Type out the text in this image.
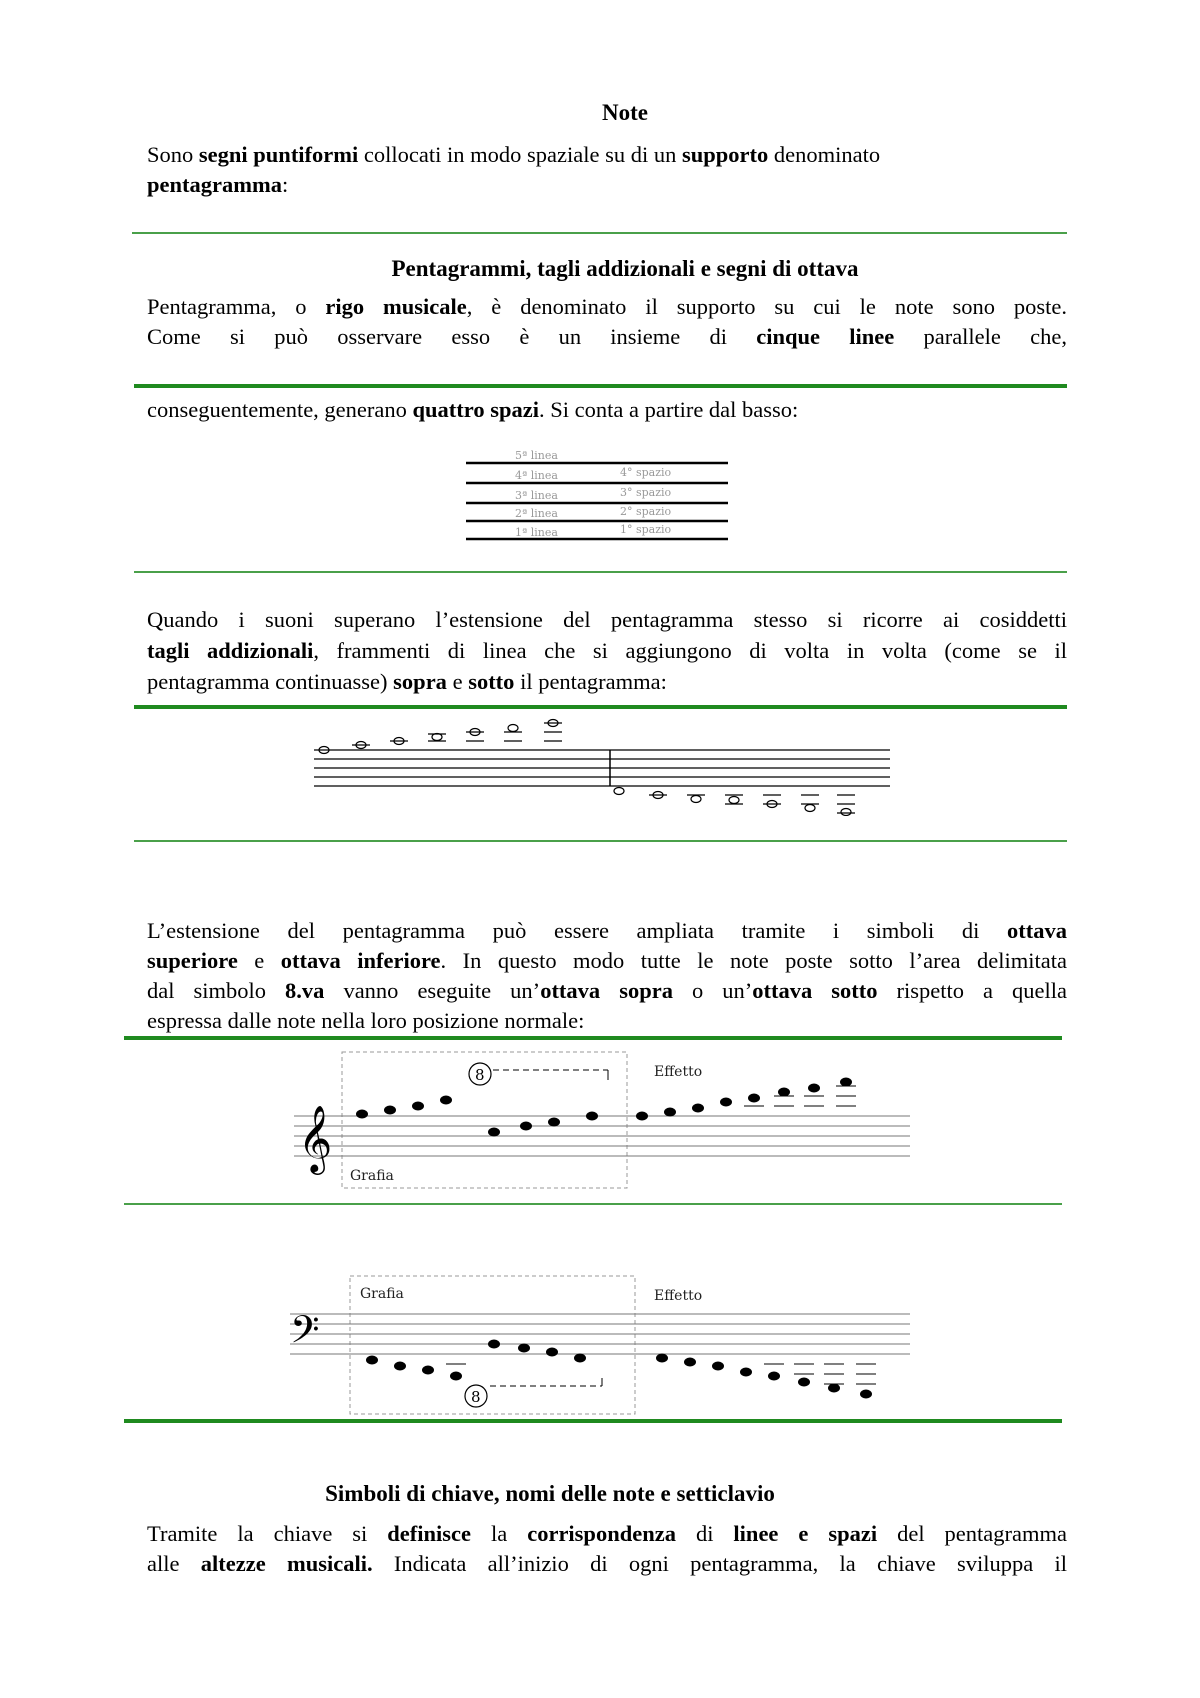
Note
Sono segni puntiformi collocati in modo spaziale su di un supporto denominato
pentagramma:
Pentagrammi, tagli addizionali e segni di ottava
Pentagramma, o rigo musicale, è denominato il supporto su cui le note sono poste.
Come si può osservare esso è un insieme di cinque linee parallele che,
conseguentemente, generano quattro spazi. Si conta a partire dal basso:
5ª linea
4ª linea
3ª linea
2ª linea
1ª linea
4° spazio
3° spazio
2° spazio
1° spazio
Quando i suoni superano l’estensione del pentagramma stesso si ricorre ai cosiddetti
tagli addizionali, frammenti di linea che si aggiungono di volta in volta (come se il
pentagramma continuasse) sopra e sotto il pentagramma:
L’estensione del pentagramma può essere ampliata tramite i simboli di ottava
superiore e ottava inferiore. In questo modo tutte le note poste sotto l’area delimitata
dal simbolo 8.va vanno eseguite un’ottava sopra o un’ottava sotto rispetto a quella
espressa dalle note nella loro posizione normale:
𝄞
8	Effetto
Grafia
𝄢
8
Grafia	Effetto
Simboli di chiave, nomi delle note e setticlavio
Tramite la chiave si definisce la corrispondenza di linee e spazi del pentagramma
alle altezze musicali. Indicata all’inizio di ogni pentagramma, la chiave sviluppa il
